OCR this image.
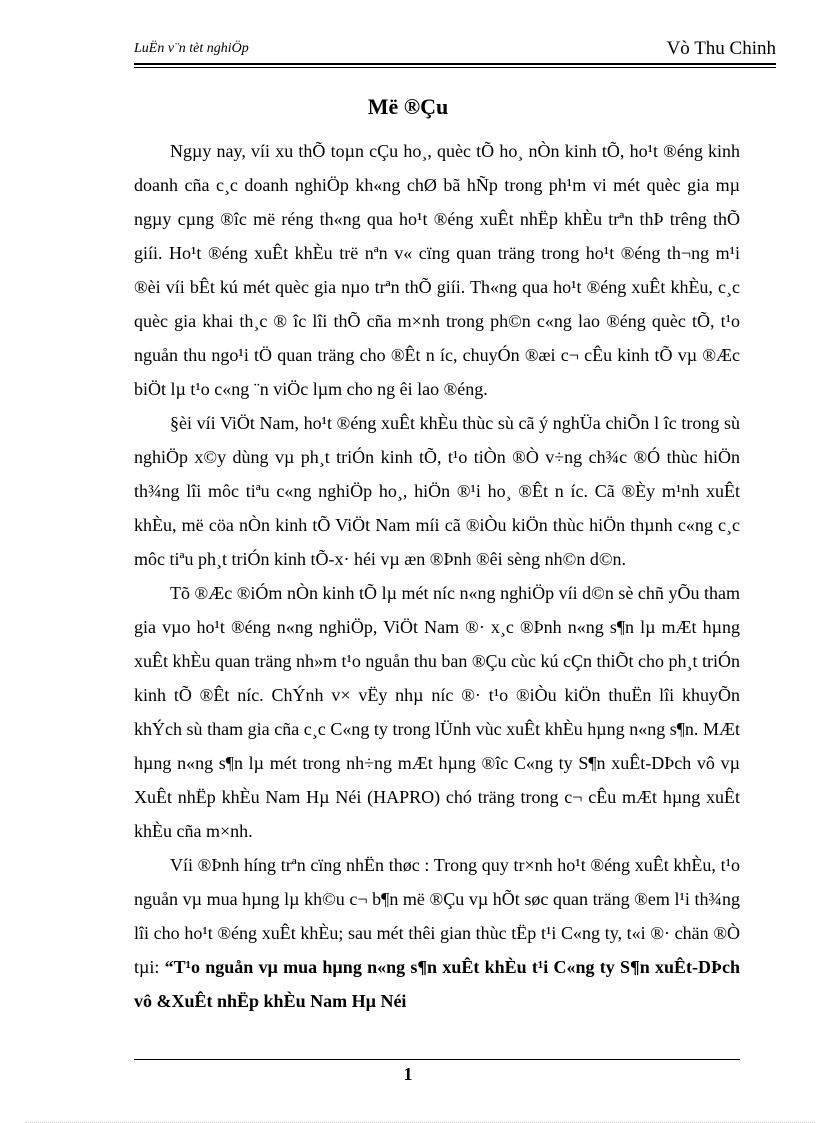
LuËn v¨n tèt nghiÖp	Vò Thu Chinh
Më ®Çu

Ngµy nay, víi xu thÕ toµn cÇu ho¸, quèc tÕ ho¸ nÒn kinh tÕ, ho¹t ®éng kinh doanh cña c¸c doanh nghiÖp kh«ng chØ bã hÑp trong ph¹m vi mét quèc gia mµ ngµy cµng ®îc më réng th«ng qua ho¹t ®éng xuÊt nhËp khÈu trªn thÞ trêng thÕ giíi. Ho¹t ®éng xuÊt khÈu trë nªn v« cïng quan träng trong ho¹t ®éng th¬ng m¹i ®èi víi bÊt kú mét quèc gia nµo trªn thÕ giíi. Th«ng qua ho¹t ®éng xuÊt khÈu, c¸c quèc gia khai th¸c ® îc lîi thÕ cña m×nh trong ph©n c«ng lao ®éng quèc tÕ, t¹o nguån thu ngo¹i tÖ quan träng cho ®Êt n íc, chuyÓn ®æi c¬ cÊu kinh tÕ vµ ®Æc biÖt lµ t¹o c«ng ¨n viÖc lµm cho ng êi lao ®éng.

§èi víi ViÖt Nam, ho¹t ®éng xuÊt khÈu thùc sù cã ý nghÜa chiÕn l îc trong sù nghiÖp x©y dùng vµ ph¸t triÓn kinh tÕ, t¹o tiÒn ®Ò v÷ng ch¾c ®Ó thùc hiÖn th¾ng lîi môc tiªu c«ng nghiÖp ho¸, hiÖn ®¹i ho¸ ®Êt n íc. Cã ®Èy m¹nh xuÊt khÈu, më cöa nÒn kinh tÕ ViÖt Nam míi cã ®iÒu kiÖn thùc hiÖn thµnh c«ng c¸c môc tiªu ph¸t triÓn kinh tÕ-x· héi vµ æn ®Þnh ®êi sèng nh©n d©n.

Tõ ®Æc ®iÓm nÒn kinh tÕ lµ mét níc n«ng nghiÖp víi d©n sè chñ yÕu tham gia vµo ho¹t ®éng n«ng nghiÖp, ViÖt Nam ®· x¸c ®Þnh n«ng s¶n lµ mÆt hµng xuÊt khÈu quan träng nh»m t¹o nguån thu ban ®Çu cùc kú cÇn thiÕt cho ph¸t triÓn kinh tÕ ®Êt níc. ChÝnh v× vËy nhµ níc ®· t¹o ®iÒu kiÖn thuËn lîi khuyÕn khÝch sù tham gia cña c¸c C«ng ty trong lÜnh vùc xuÊt khÈu hµng n«ng s¶n. MÆt hµng n«ng s¶n lµ mét trong nh÷ng mÆt hµng ®îc C«ng ty S¶n xuÊt-DÞch vô vµ XuÊt nhËp khÈu Nam Hµ Néi (HAPRO) chó träng trong c¬ cÊu mÆt hµng xuÊt khÈu cña m×nh.

Víi ®Þnh híng trªn cïng nhËn thøc : Trong quy tr×nh ho¹t ®éng xuÊt khÈu, t¹o nguån vµ mua hµng lµ kh©u c¬ b¶n më ®Çu vµ hÕt søc quan träng ®em l¹i th¾ng lîi cho ho¹t ®éng xuÊt khÈu; sau mét thêi gian thùc tËp t¹i C«ng ty, t«i ®· chän ®Ò tµi: “T¹o nguån vµ mua hµng n«ng s¶n xuÊt khÈu t¹i C«ng ty S¶n xuÊt-DÞch vô &XuÊt nhËp khÈu Nam Hµ Néi

1
